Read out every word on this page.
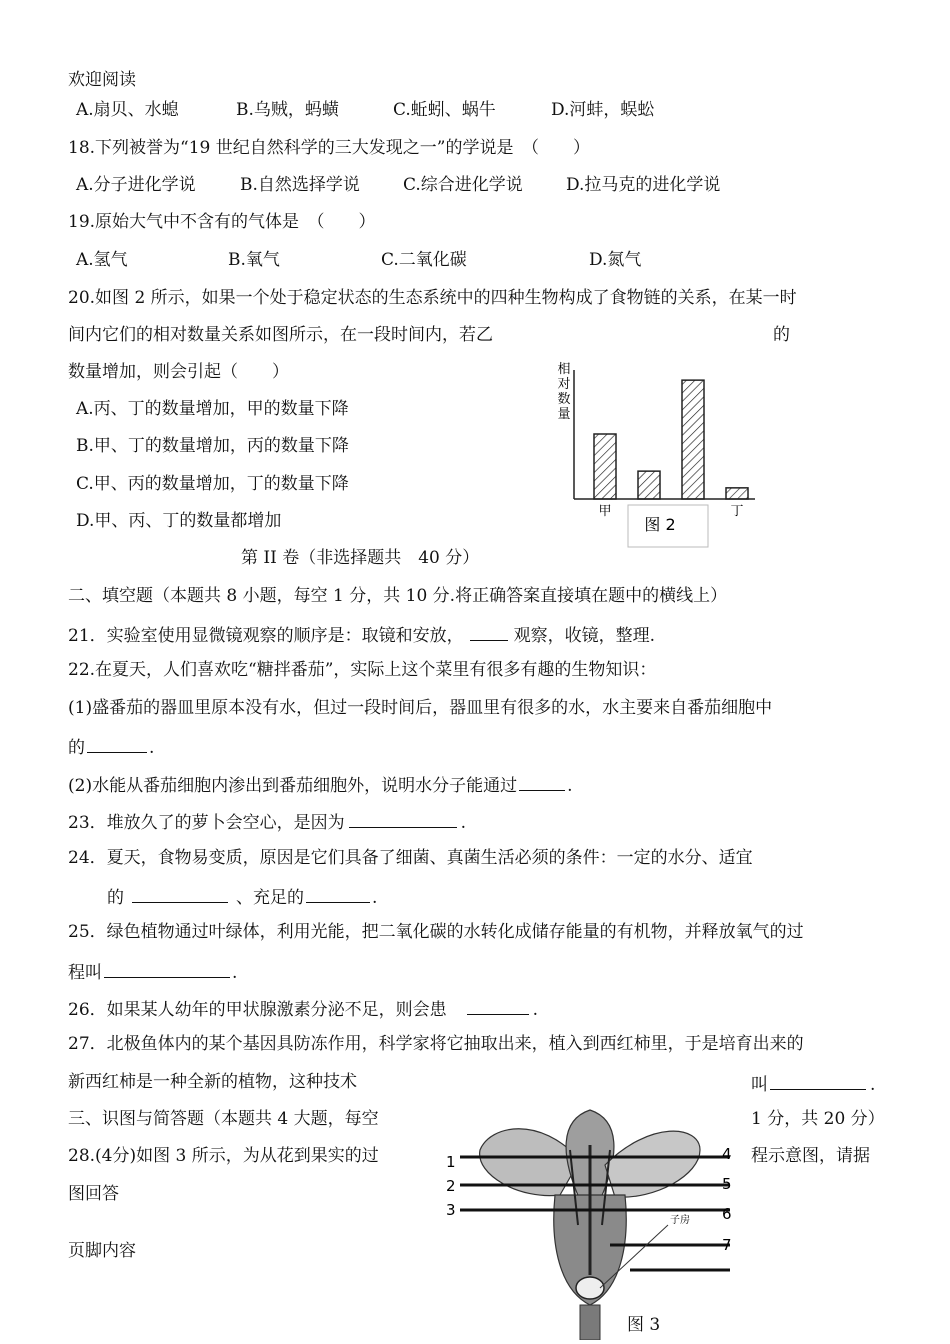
欢迎阅读
A.扇贝、水螅	B.乌贼，蚂蟥	C.蚯蚓、蜗牛	D.河蚌，蜈蚣
18.下列被誉为“19 世纪自然科学的三大发现之一”的学说是　（　　）
A.分子进化学说	B.自然选择学说	C.综合进化学说	D.拉马克的进化学说
19.原始大气中不含有的气体是　（　　）
A.氢气	B.氧气	C.二氧化碳	D.氮气
20.如图 2 所示，如果一个处于稳定状态的生态系统中的四种生物构成了食物链的关系，在某一时
间内它们的相对数量关系如图所示，在一段时间内，若乙	的
数量增加，则会引起（　　）
A.丙、丁的数量增加，甲的数量下降
B.甲、丁的数量增加，丙的数量下降
C.甲、丙的数量增加，丁的数量下降
D.甲、丙、丁的数量都增加
相
对
数
量
甲	丁
图 2
第 II 卷（非选择题共　40 分）
二、填空题（本题共 8 小题，每空 1 分，共 10 分.将正确答案直接填在题中的横线上）
21．实验室使用显微镜观察的顺序是：取镜和安放，	观察，收镜，整理.
22.在夏天，人们喜欢吃“糖拌番茄”，实际上这个菜里有很多有趣的生物知识：
(1)盛番茄的器皿里原本没有水，但过一段时间后，器皿里有很多的水，水主要来自番茄细胞中
的	.
(2)水能从番茄细胞内渗出到番茄细胞外，说明水分子能通过	.
23．堆放久了的萝卜会空心，是因为	.
24．夏天，食物易变质，原因是它们具备了细菌、真菌生活必须的条件：一定的水分、适宜
的	、充足的	.
25．绿色植物通过叶绿体，利用光能，把二氧化碳的水转化成储存能量的有机物，并释放氧气的过
程叫	.
26．如果某人幼年的甲状腺激素分泌不足，则会患	.
27．北极鱼体内的某个基因具防冻作用，科学家将它抽取出来，植入到西红柿里，于是培育出来的
新西红柿是一种全新的植物，这种技术	叫	.
三、识图与简答题（本题共 4 大题，每空	1 分，共 20 分）
28.(4分)如图 3 所示，为从花到果实的过	程示意图，请据
图回答
页脚内容
子房
1
2
3
4
5
6
7
图 3
